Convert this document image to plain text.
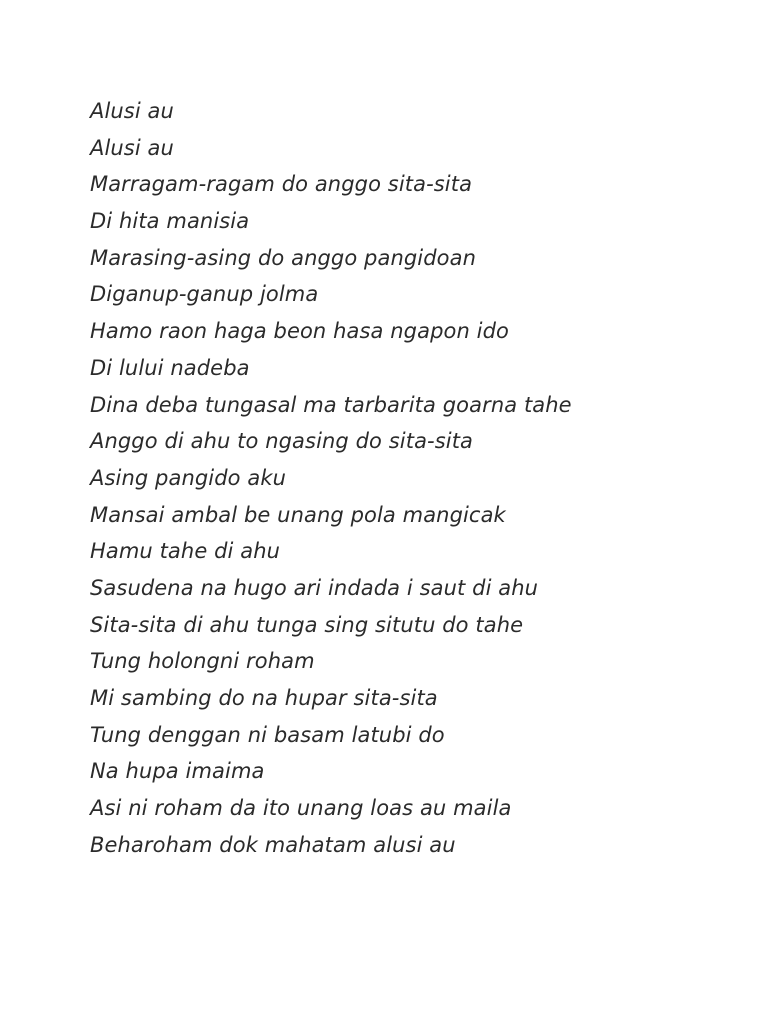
Alusi au
Alusi au
Marragam-ragam do anggo sita-sita
Di hita manisia
Marasing-asing do anggo pangidoan
Diganup-ganup jolma
Hamo raon haga beon hasa ngapon ido
Di lului nadeba
Dina deba tungasal ma tarbarita goarna tahe
Anggo di ahu to ngasing do sita-sita
Asing pangido aku
Mansai ambal be unang pola mangicak
Hamu tahe di ahu
Sasudena na hugo ari indada i saut di ahu
Sita-sita di ahu tunga sing situtu do tahe
Tung holongni roham
Mi sambing do na hupar sita-sita
Tung denggan ni basam latubi do
Na hupa imaima
Asi ni roham da ito unang loas au maila
Beharoham dok mahatam alusi au
